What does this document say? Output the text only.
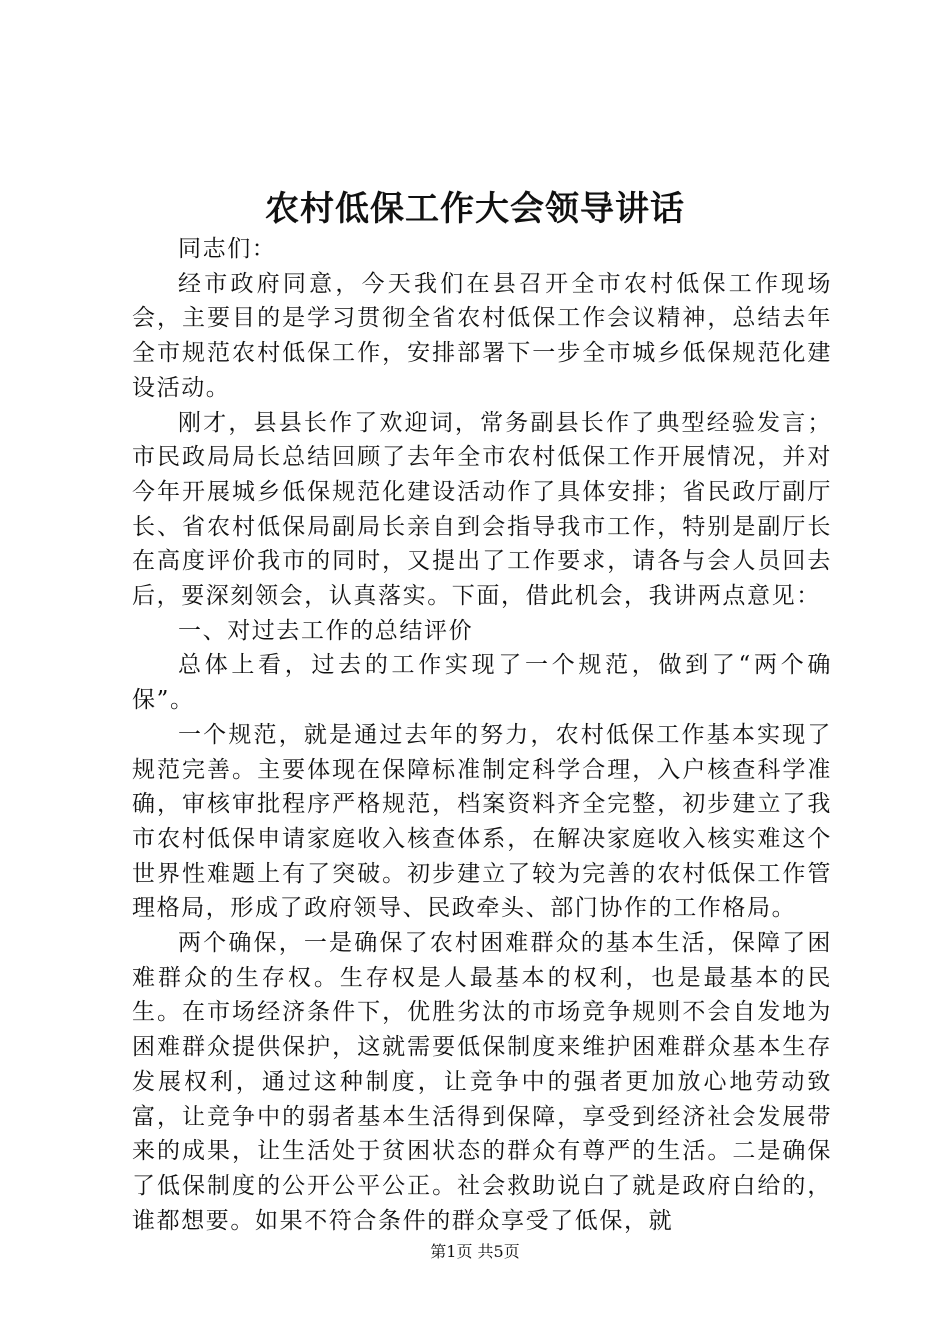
农村低保工作大会领导讲话

同志们：

经市政府同意，今天我们在县召开全市农村低保工作现场会，主要目的是学习贯彻全省农村低保工作会议精神，总结去年全市规范农村低保工作，安排部署下一步全市城乡低保规范化建设活动。

刚才，县县长作了欢迎词，常务副县长作了典型经验发言；市民政局局长总结回顾了去年全市农村低保工作开展情况，并对今年开展城乡低保规范化建设活动作了具体安排；省民政厅副厅长、省农村低保局副局长亲自到会指导我市工作，特别是副厅长在高度评价我市的同时，又提出了工作要求，请各与会人员回去后，要深刻领会，认真落实。下面，借此机会，我讲两点意见：

一、对过去工作的总结评价

总体上看，过去的工作实现了一个规范，做到了“两个确保”。

一个规范，就是通过去年的努力，农村低保工作基本实现了规范完善。主要体现在保障标准制定科学合理，入户核查科学准确，审核审批程序严格规范，档案资料齐全完整，初步建立了我市农村低保申请家庭收入核查体系，在解决家庭收入核实难这个世界性难题上有了突破。初步建立了较为完善的农村低保工作管理格局，形成了政府领导、民政牵头、部门协作的工作格局。

两个确保，一是确保了农村困难群众的基本生活，保障了困难群众的生存权。生存权是人最基本的权利，也是最基本的民生。在市场经济条件下，优胜劣汰的市场竞争规则不会自发地为困难群众提供保护，这就需要低保制度来维护困难群众基本生存发展权利，通过这种制度，让竞争中的强者更加放心地劳动致富，让竞争中的弱者基本生活得到保障，享受到经济社会发展带来的成果，让生活处于贫困状态的群众有尊严的生活。二是确保了低保制度的公开公平公正。社会救助说白了就是政府白给的，谁都想要。如果不符合条件的群众享受了低保，就

第1页 共5页
